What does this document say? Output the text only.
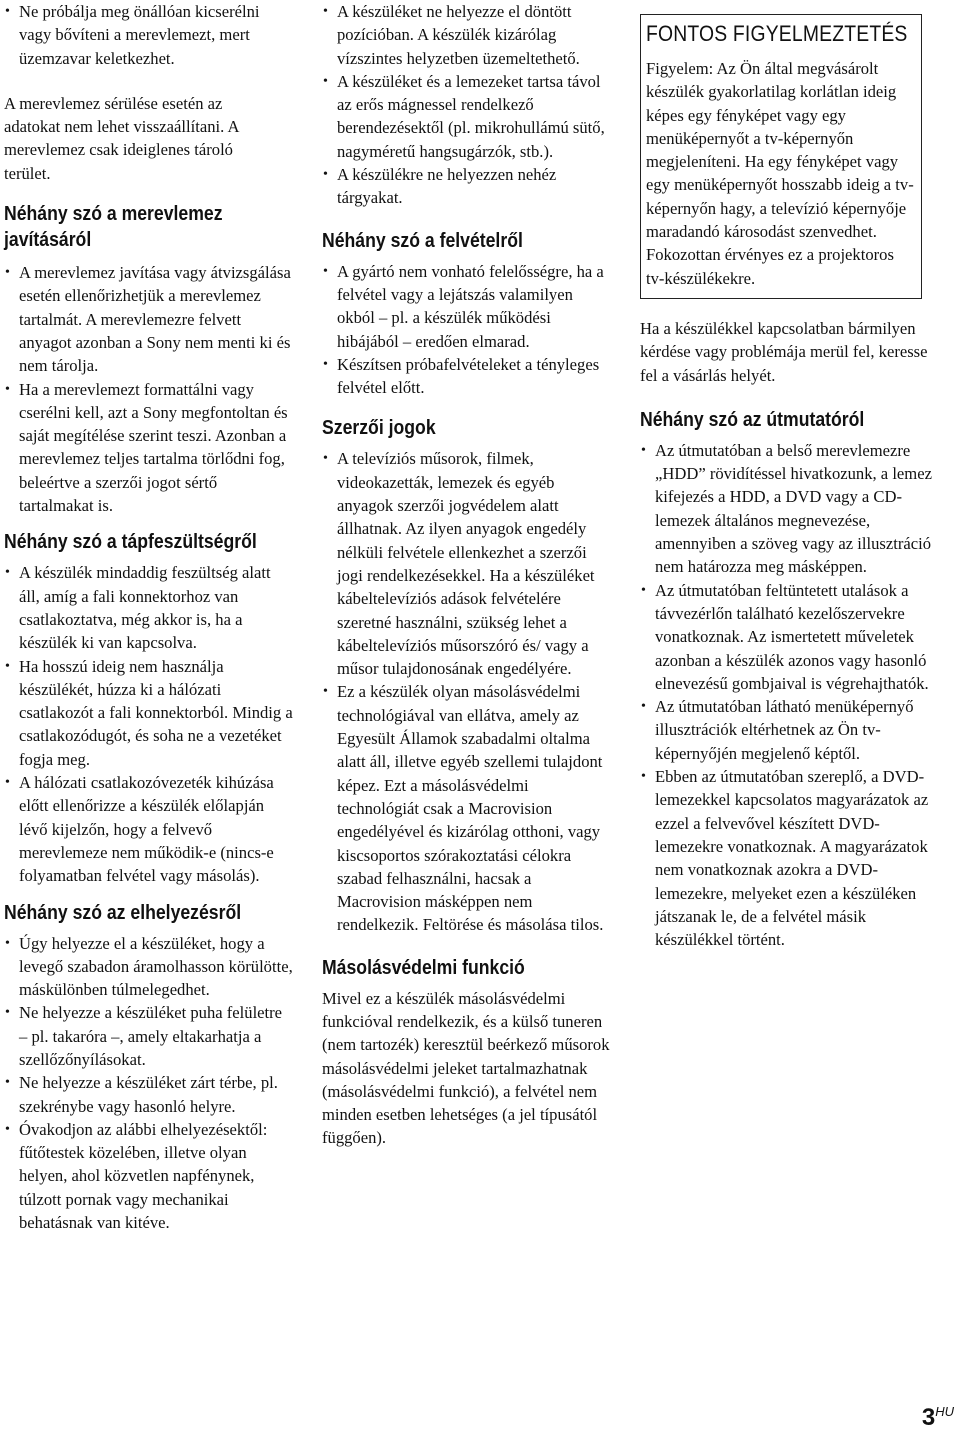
• Ne próbálja meg önállóan kicserélni vagy bővíteni a merevlemezt, mert üzemzavar keletkezhet.

A merevlemez sérülése esetén az adatokat nem lehet visszaállítani. A merevlemez csak ideiglenes tároló terület.

Néhány szó a merevlemez javításáról
• A merevlemez javítása vagy átvizsgálása esetén ellenőrizhetjük a merevlemez tartalmát. A merevlemezre felvett anyagot azonban a Sony nem menti ki és nem tárolja.
• Ha a merevlemezt formattálni vagy cserélni kell, azt a Sony megfontoltan és saját megítélése szerint teszi. Azonban a merevlemez teljes tartalma törlődni fog, beleértve a szerzői jogot sértő tartalmakat is.
Néhány szó a tápfeszültségről
• A készülék mindaddig feszültség alatt áll, amíg a fali konnektorhoz van csatlakoztatva, még akkor is, ha a készülék ki van kapcsolva.
• Ha hosszú ideig nem használja készülékét, húzza ki a hálózati csatlakozót a fali konnektorból. Mindig a csatlakozódugót, és soha ne a vezetéket fogja meg.
• A hálózati csatlakozóvezeték kihúzása előtt ellenőrizze a készülék előlapján lévő kijelzőn, hogy a felvevő merevlemeze nem működik-e (nincs-e folyamatban felvétel vagy másolás).
Néhány szó az elhelyezésről
• Úgy helyezze el a készüléket, hogy a levegő szabadon áramolhasson körülötte, máskülönben túlmelegedhet.
• Ne helyezze a készüléket puha felületre – pl. takaróra –, amely eltakarhatja a szellőzőnyílásokat.
• Ne helyezze a készüléket zárt térbe, pl. szekrénybe vagy hasonló helyre.
• Óvakodjon az alábbi elhelyezésektől: fűtőtestek közelében, illetve olyan helyen, ahol közvetlen napfénynek, túlzott pornak vagy mechanikai behatásnak van kitéve.
• A készüléket ne helyezze el döntött pozícióban. A készülék kizárólag vízszintes helyzetben üzemeltethető.
• A készüléket és a lemezeket tartsa távol az erős mágnessel rendelkező berendezésektől (pl. mikrohullámú sütő, nagyméretű hangsugárzók, stb.).
• A készülékre ne helyezzen nehéz tárgyakat.
Néhány szó a felvételről
• A gyártó nem vonható felelősségre, ha a felvétel vagy a lejátszás valamilyen okból – pl. a készülék működési hibájából – eredően elmarad.
• Készítsen próbafelvételeket a tényleges felvétel előtt.
Szerzői jogok
• A televíziós műsorok, filmek, videokazetták, lemezek és egyéb anyagok szerzői jogvédelem alatt állhatnak. Az ilyen anyagok engedély nélküli felvétele ellenkezhet a szerzői jogi rendelkezésekkel. Ha a készüléket kábeltelevíziós adások felvételére szeretné használni, szükség lehet a kábeltelevíziós műsorszóró és/ vagy a műsor tulajdonosának engedélyére.
• Ez a készülék olyan másolásvédelmi technológiával van ellátva, amely az Egyesült Államok szabadalmi oltalma alatt áll, illetve egyéb szellemi tulajdont képez. Ezt a másolásvédelmi technológiát csak a Macrovision engedélyével és kizárólag otthoni, vagy kiscsoportos szórakoztatási célokra szabad felhasználni, hacsak a Macrovision másképpen nem rendelkezik. Feltörése és másolása tilos.
Másolásvédelmi funkció

Mivel ez a készülék másolásvédelmi funkcióval rendelkezik, és a külső tuneren (nem tartozék) keresztül beérkező műsorok másolásvédelmi jeleket tartalmazhatnak (másolásvédelmi funkció), a felvétel nem minden esetben lehetséges (a jel típusától függően).

FONTOS FIGYELMEZTETÉS

Figyelem: Az Ön által megvásárolt készülék gyakorlatilag korlátlan ideig képes egy fényképet vagy egy menüképernyőt a tv-képernyőn megjeleníteni. Ha egy fényképet vagy egy menüképernyőt hosszabb ideig a tv-képernyőn hagy, a televízió képernyője maradandó károsodást szenvedhet. Fokozottan érvényes ez a projektoros tv-készülékekre.

Ha a készülékkel kapcsolatban bármilyen kérdése vagy problémája merül fel, keresse fel a vásárlás helyét.

Néhány szó az útmutatóról
• Az útmutatóban a belső merevlemezre „HDD” rövidítéssel hivatkozunk, a lemez kifejezés a HDD, a DVD vagy a CD-lemezek általános megnevezése, amennyiben a szöveg vagy az illusztráció nem határozza meg másképpen.
• Az útmutatóban feltüntetett utalások a távvezérlőn található kezelőszervekre vonatkoznak. Az ismertetett műveletek azonban a készülék azonos vagy hasonló elnevezésű gombjaival is végrehajthatók.
• Az útmutatóban látható menüképernyő illusztrációk eltérhetnek az Ön tv-képernyőjén megjelenő képtől.
• Ebben az útmutatóban szereplő, a DVD-lemezekkel kapcsolatos magyarázatok az ezzel a felvevővel készített DVD-lemezekre vonatkoznak. A magyarázatok nem vonatkoznak azokra a DVD-lemezekre, melyeket ezen a készüléken játszanak le, de a felvétel másik készülékkel történt.
$3^{HU}$
